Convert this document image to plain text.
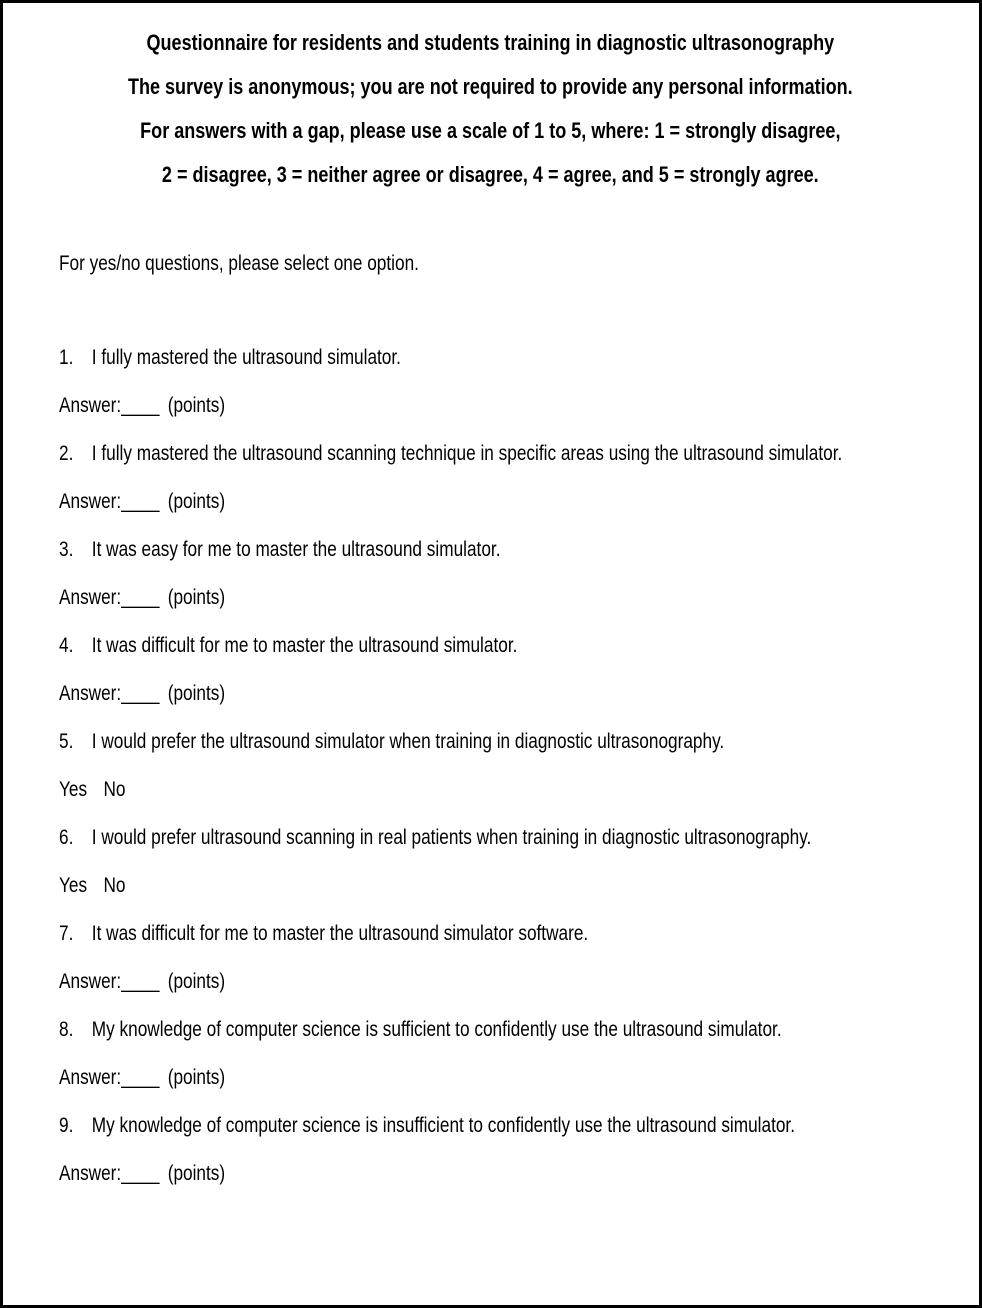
Questionnaire for residents and students training in diagnostic ultrasonography
The survey is anonymous; you are not required to provide any personal information.
For answers with a gap, please use a scale of 1 to 5, where: 1 = strongly disagree,
2 = disagree, 3 = neither agree or disagree, 4 = agree, and 5 = strongly agree.

For yes/no questions, please select one option.

1. I fully mastered the ultrasound simulator.

Answer:____ (points)

2. I fully mastered the ultrasound scanning technique in specific areas using the ultrasound simulator.

Answer:____ (points)

3. It was easy for me to master the ultrasound simulator.

Answer:____ (points)

4. It was difficult for me to master the ultrasound simulator.

Answer:____ (points)

5. I would prefer the ultrasound simulator when training in diagnostic ultrasonography.

Yes No

6. I would prefer ultrasound scanning in real patients when training in diagnostic ultrasonography.

Yes No

7. It was difficult for me to master the ultrasound simulator software.

Answer:____ (points)

8. My knowledge of computer science is sufficient to confidently use the ultrasound simulator.

Answer:____ (points)

9. My knowledge of computer science is insufficient to confidently use the ultrasound simulator.

Answer:____ (points)
